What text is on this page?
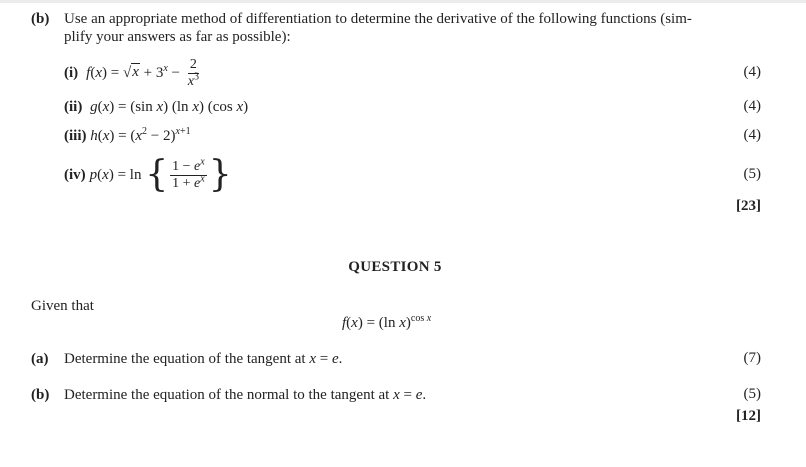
(b) Use an appropriate method of differentiation to determine the derivative of the following functions (sim-
plify your answers as far as possible):
(i) $f(x) = √x + 3^x - \frac{2}{x^3}$	(4)
(ii) g(x) = (sin x) (ln x) (cos x)	(4)
(iii) $h(x) = (x^2 - 2)^{x+1}$	(4)
(iv) p ( x ) = ln { $\frac{1 - e^x}{1 + e^x}$ }	(5)
[23]
QUESTION 5
Given that
f(x) = (ln x)$^{cos x}$
(a) Determine the equation of the tangent at x = e.	(7)
(b) Determine the equation of the normal to the tangent at x = e.	(5)
[12]
